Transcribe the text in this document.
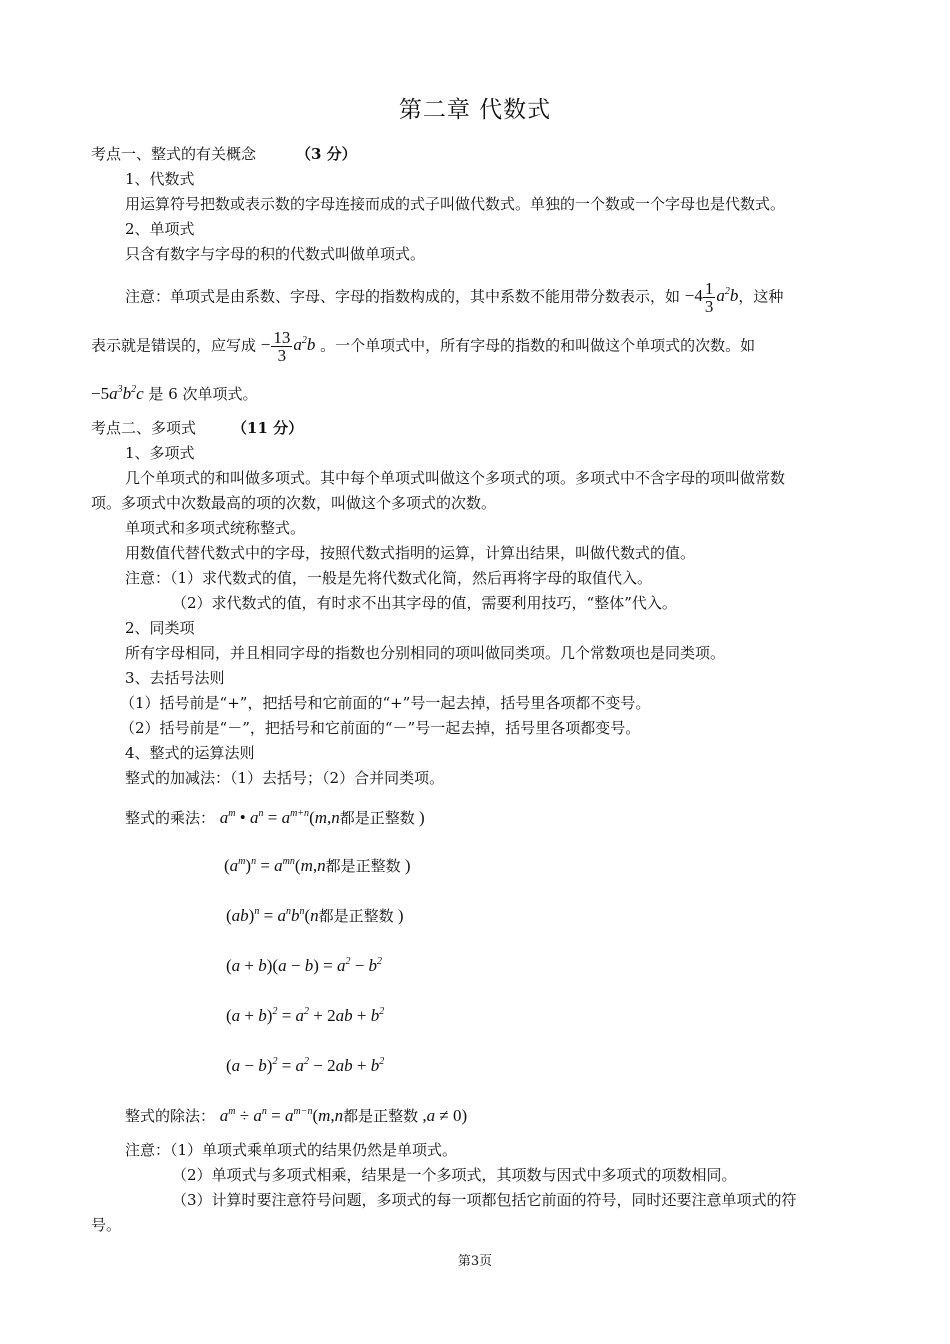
第二章 代数式
考点一、整式的有关概念	（3 分）
1、代数式
用运算符号把数或表示数的字母连接而成的式子叫做代数式。单独的一个数或一个字母也是代数式。
2、单项式
只含有数字与字母的积的代数式叫做单项式。
注意：单项式是由系数、字母、字母的指数构成的，其中系数不能用带分数表示，如 $-4 \frac{1}{3} a^2b$，这种
表示就是错误的，应写成 − $\frac{13}{3} a^2b$ 。一个单项式中，所有字母的指数的和叫做这个单项式的次数。如
$-5a^3b^2c$ 是 6 次单项式。
考点二、多项式 （11 分）
1、多项式
几个单项式的和叫做多项式。其中每个单项式叫做这个多项式的项。多项式中不含字母的项叫做常数
项。多项式中次数最高的项的次数，叫做这个多项式的次数。
单项式和多项式统称整式。
用数值代替代数式中的字母，按照代数式指明的运算，计算出结果，叫做代数式的值。
注意：（1）求代数式的值，一般是先将代数式化简，然后再将字母的取值代入。
（2）求代数式的值，有时求不出其字母的值，需要利用技巧，“整体”代入。
2、同类项
所有字母相同，并且相同字母的指数也分别相同的项叫做同类项。几个常数项也是同类项。
3、去括号法则
（1）括号前是“+”，把括号和它前面的“+”号一起去掉，括号里各项都不变号。
（2）括号前是“－”，把括号和它前面的“－”号一起去掉，括号里各项都变号。
4、整式的运算法则
整式的加减法：（1）去括号；（2）合并同类项。
整式的乘法： $a^m$ • $a^n = a^{m+n}(m,n$都是正整数 )
$(a^m)^n = a^{mn}(m,n$都是正整数 )
$(ab)^n = a^nb^n(n$都是正整数 )
$(a + b)(a - b) = a^2 - b^2$
$(a + b)^2 = a^2 + 2ab + b^2$
$(a - b)^2 = a^2 - 2ab + b^2$
整式的除法： $a^m \div a^n = a^{m-n}(m,n$都是正整数 ,a ≠ 0)
注意：（1）单项式乘单项式的结果仍然是单项式。
（2）单项式与多项式相乘，结果是一个多项式，其项数与因式中多项式的项数相同。
（3）计算时要注意符号问题，多项式的每一项都包括它前面的符号，同时还要注意单项式的符
号。
第3页
